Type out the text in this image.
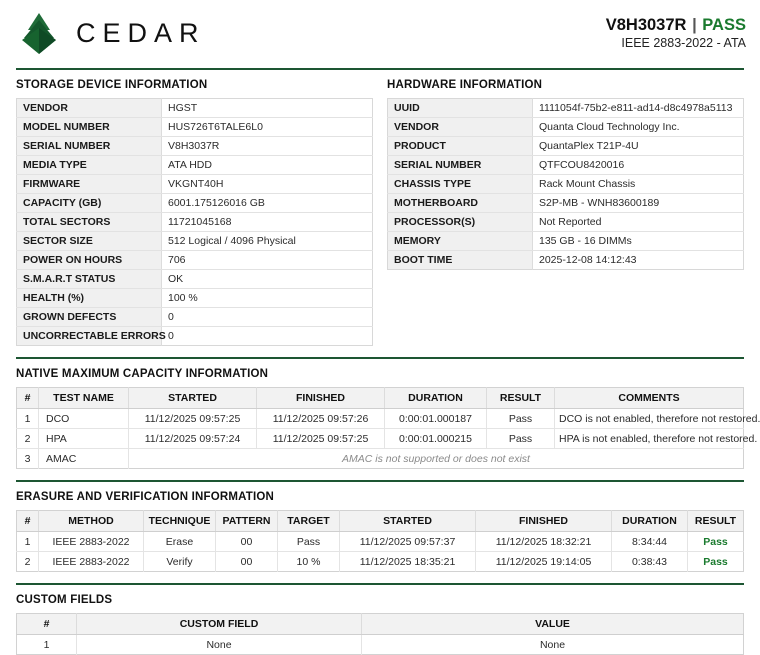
CEDAR	V8H3037R | PASS
IEEE 2883-2022 - ATA
STORAGE DEVICE INFORMATION
VENDOR	HGST
MODEL NUMBER	HUS726T6TALE6L0
SERIAL NUMBER	V8H3037R
MEDIA TYPE	ATA HDD
FIRMWARE	VKGNT40H
CAPACITY (GB)	6001.175126016 GB
TOTAL SECTORS	11721045168
SECTOR SIZE	512 Logical / 4096 Physical
POWER ON HOURS	706
S.M.A.R.T STATUS	OK
HEALTH (%)	100 %
GROWN DEFECTS	0
UNCORRECTABLE ERRORS	0
HARDWARE INFORMATION
UUID	1111054f-75b2-e811-ad14-d8c4978a5113
VENDOR	Quanta Cloud Technology Inc.
PRODUCT	QuantaPlex T21P-4U
SERIAL NUMBER	QTFCOU8420016
CHASSIS TYPE	Rack Mount Chassis
MOTHERBOARD	S2P-MB - WNH83600189
PROCESSOR(S)	Not Reported
MEMORY	135 GB - 16 DIMMs
BOOT TIME	2025-12-08 14:12:43
NATIVE MAXIMUM CAPACITY INFORMATION
#	TEST NAME	STARTED	FINISHED	DURATION	RESULT	COMMENTS
1	DCO	11/12/2025 09:57:25	11/12/2025 09:57:26	0:00:01.000187	Pass	DCO is not enabled, therefore not restored.
2	HPA	11/12/2025 09:57:24	11/12/2025 09:57:25	0:00:01.000215	Pass	HPA is not enabled, therefore not restored.
3	AMAC	AMAC is not supported or does not exist				
ERASURE AND VERIFICATION INFORMATION
#	METHOD	TECHNIQUE	PATTERN	TARGET	STARTED	FINISHED	DURATION	RESULT
1	IEEE 2883-2022	Erase	00	Pass	11/12/2025 09:57:37	11/12/2025 18:32:21	8:34:44	Pass
2	IEEE 2883-2022	Verify	00	10 %	11/12/2025 18:35:21	11/12/2025 19:14:05	0:38:43	Pass
CUSTOM FIELDS
#	CUSTOM FIELD	VALUE
1	None	None
